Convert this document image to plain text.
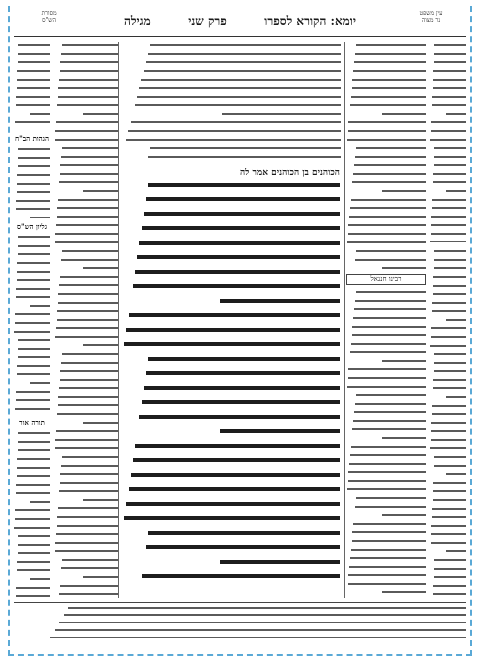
עין משפט
נר מצוה
יומא: הקורא לספרו
פרק שני
מגילה
מסורת
הש"ס
רבינו חננאל
הכוהנים בן הכוהנים אמר לה
הגהות הב"ח
גליון הש"ס
תורה אור
